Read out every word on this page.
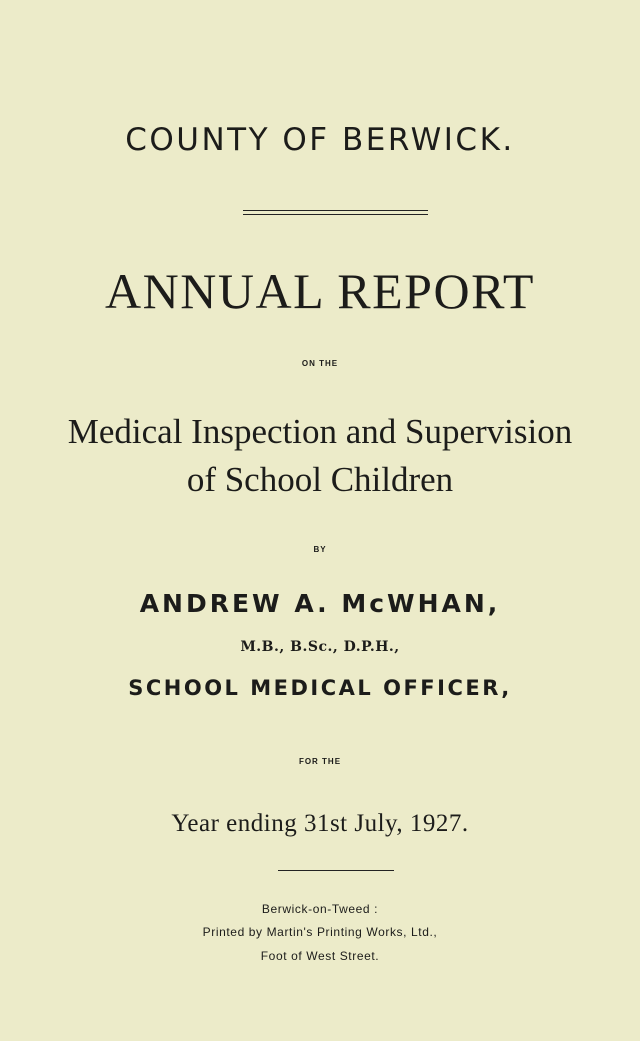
COUNTY OF BERWICK.
ANNUAL REPORT
ON THE
Medical Inspection and Supervision
of School Children
BY
ANDREW A. McWHAN,
M.B., B.Sc., D.P.H.,
SCHOOL MEDICAL OFFICER,
FOR THE
Year ending 31st July, 1927.
Berwick-on-Tweed :
Printed by Martin's Printing Works, Ltd.,
Foot of West Street.
